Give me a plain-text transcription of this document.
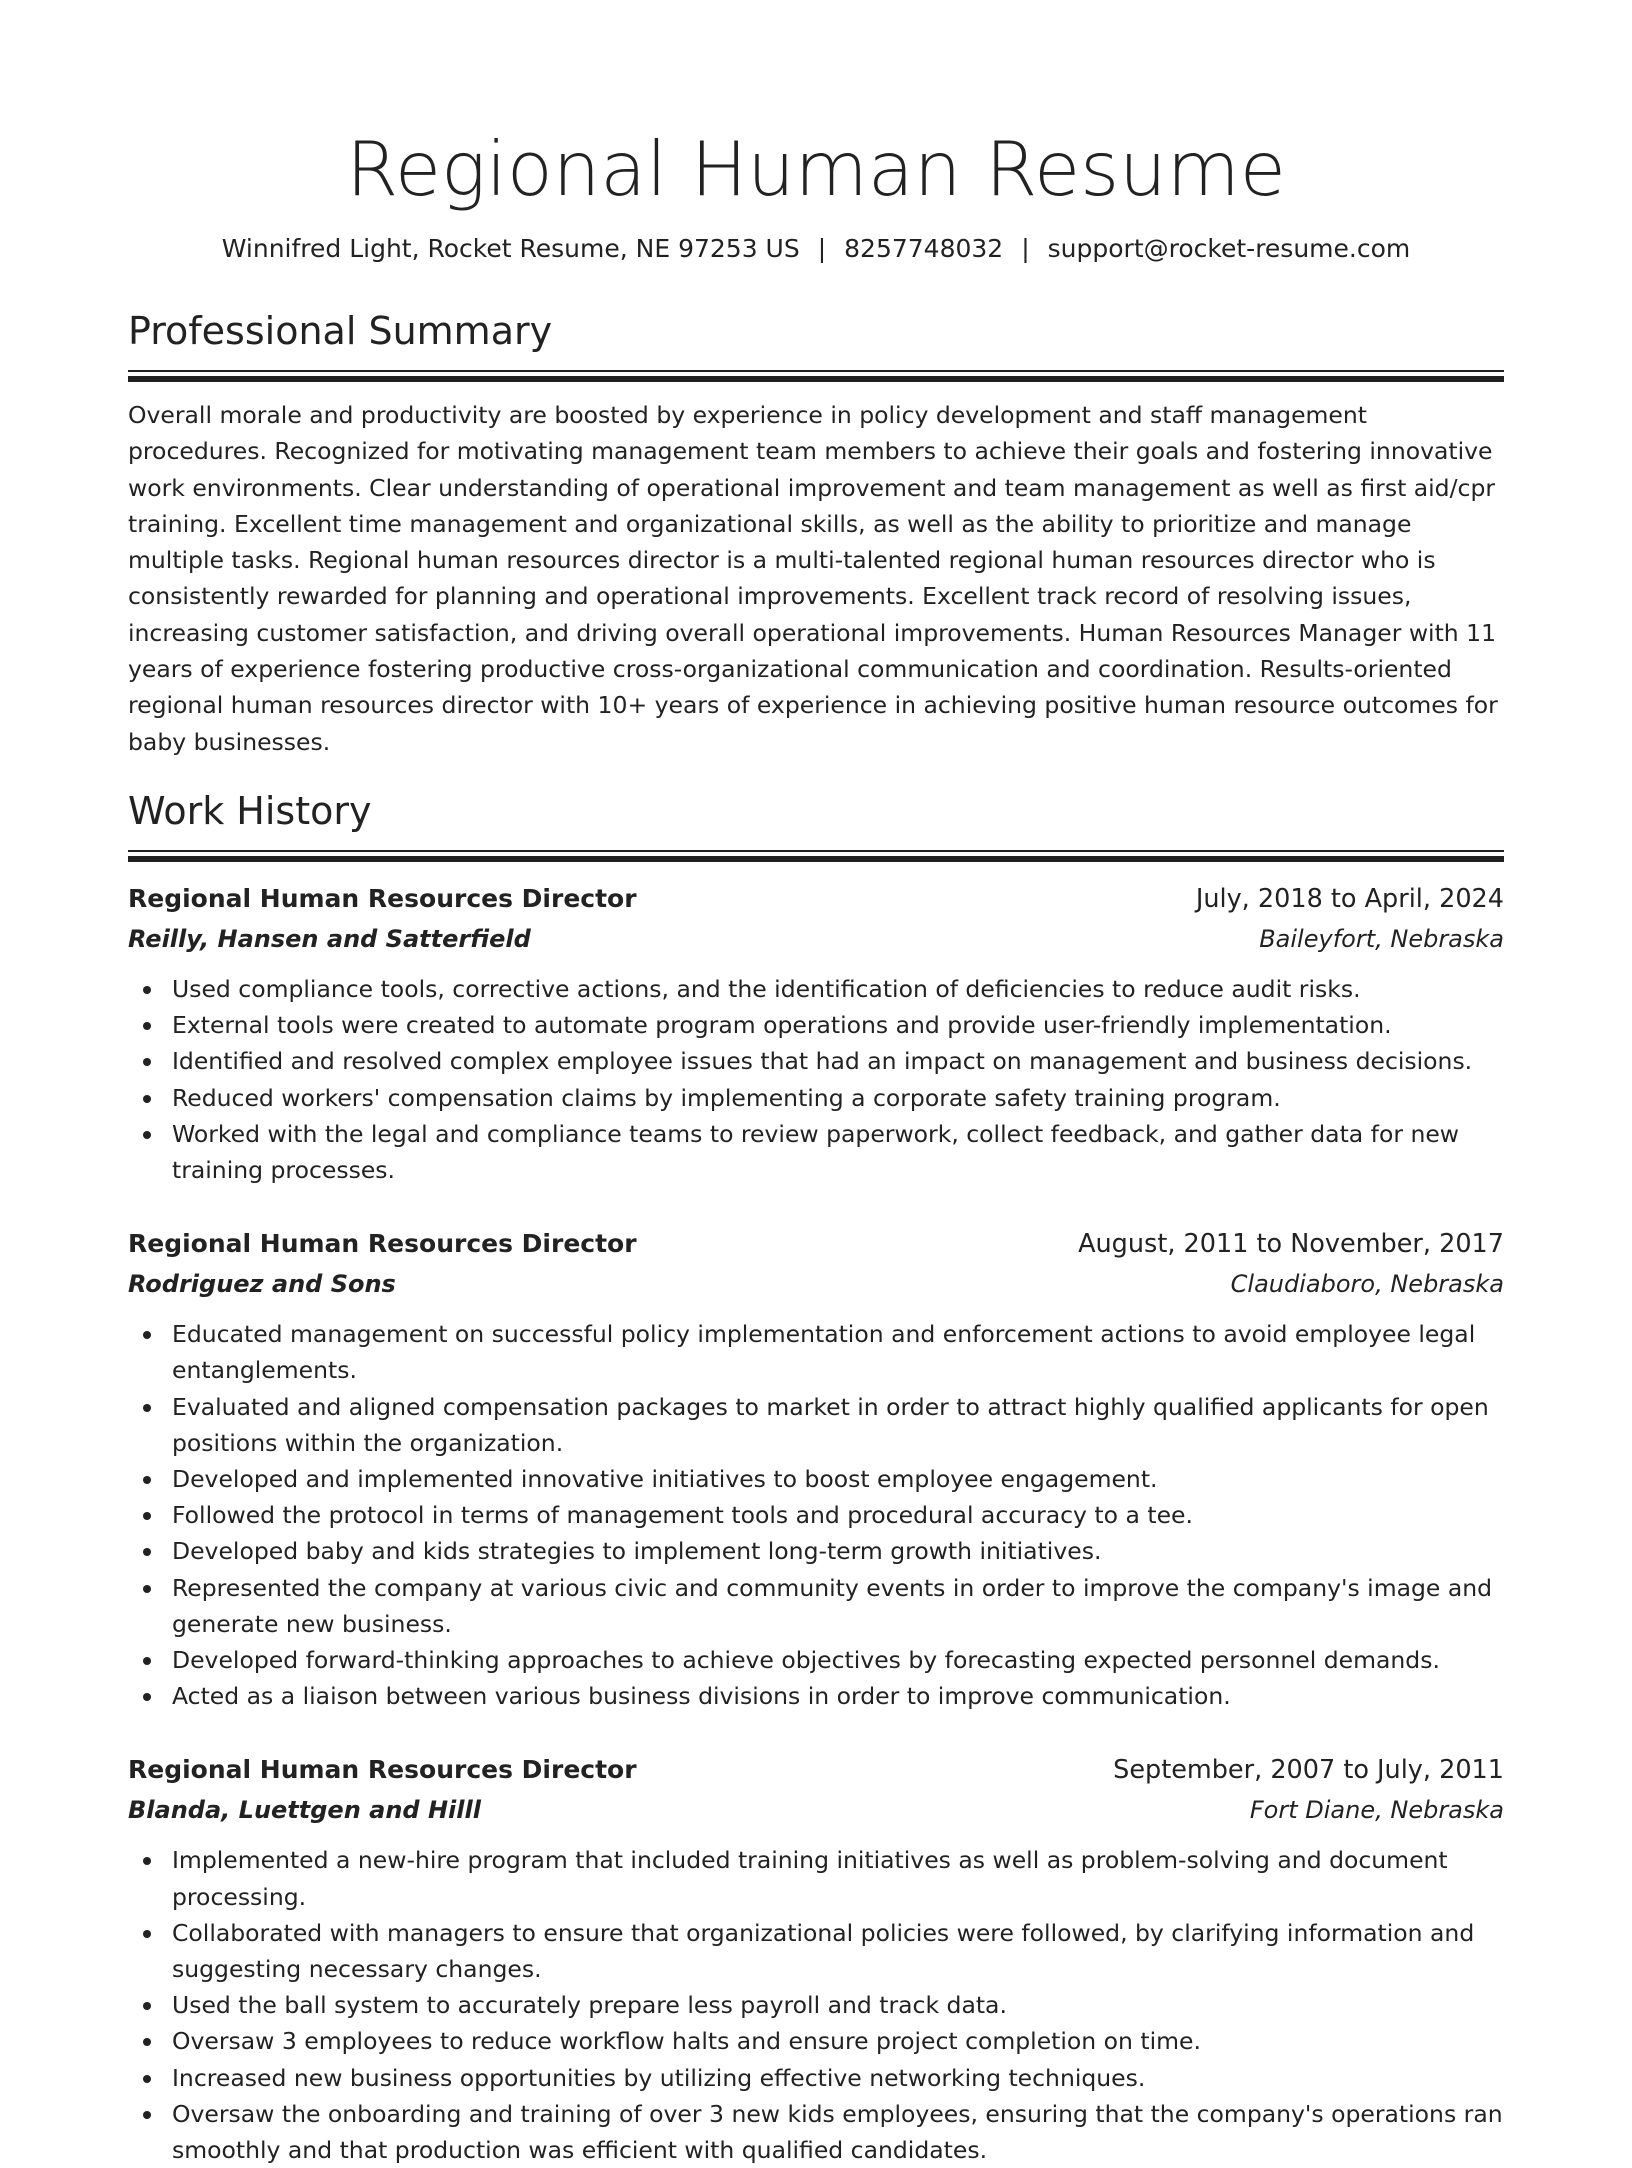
Regional Human Resume
Winnifred Light, Rocket Resume, NE 97253 US | 8257748032 | support@rocket-resume.com
Professional Summary

Overall morale and productivity are boosted by experience in policy development and staff management procedures. Recognized for motivating management team members to achieve their goals and fostering innovative work environments. Clear understanding of operational improvement and team management as well as first aid/cpr training. Excellent time management and organizational skills, as well as the ability to prioritize and manage multiple tasks. Regional human resources director is a multi-talented regional human resources director who is consistently rewarded for planning and operational improvements. Excellent track record of resolving issues, increasing customer satisfaction, and driving overall operational improvements. Human Resources Manager with 11 years of experience fostering productive cross-organizational communication and coordination. Results-oriented regional human resources director with 10+ years of experience in achieving positive human resource outcomes for baby businesses.

Work History
Regional Human Resources Director	July, 2018 to April, 2024
Reilly, Hansen and Satterfield	Baileyfort, Nebraska
Used compliance tools, corrective actions, and the identification of deficiencies to reduce audit risks.
External tools were created to automate program operations and provide user-friendly implementation.
Identified and resolved complex employee issues that had an impact on management and business decisions.
Reduced workers' compensation claims by implementing a corporate safety training program.
Worked with the legal and compliance teams to review paperwork, collect feedback, and gather data for new training processes.
Regional Human Resources Director	August, 2011 to November, 2017
Rodriguez and Sons	Claudiaboro, Nebraska
Educated management on successful policy implementation and enforcement actions to avoid employee legal entanglements.
Evaluated and aligned compensation packages to market in order to attract highly qualified applicants for open positions within the organization.
Developed and implemented innovative initiatives to boost employee engagement.
Followed the protocol in terms of management tools and procedural accuracy to a tee.
Developed baby and kids strategies to implement long-term growth initiatives.
Represented the company at various civic and community events in order to improve the company's image and generate new business.
Developed forward-thinking approaches to achieve objectives by forecasting expected personnel demands.
Acted as a liaison between various business divisions in order to improve communication.
Regional Human Resources Director	September, 2007 to July, 2011
Blanda, Luettgen and Hilll	Fort Diane, Nebraska
Implemented a new-hire program that included training initiatives as well as problem-solving and document processing.
Collaborated with managers to ensure that organizational policies were followed, by clarifying information and suggesting necessary changes.
Used the ball system to accurately prepare less payroll and track data.
Oversaw 3 employees to reduce workflow halts and ensure project completion on time.
Increased new business opportunities by utilizing effective networking techniques.
Oversaw the onboarding and training of over 3 new kids employees, ensuring that the company's operations ran smoothly and that production was efficient with qualified candidates.
